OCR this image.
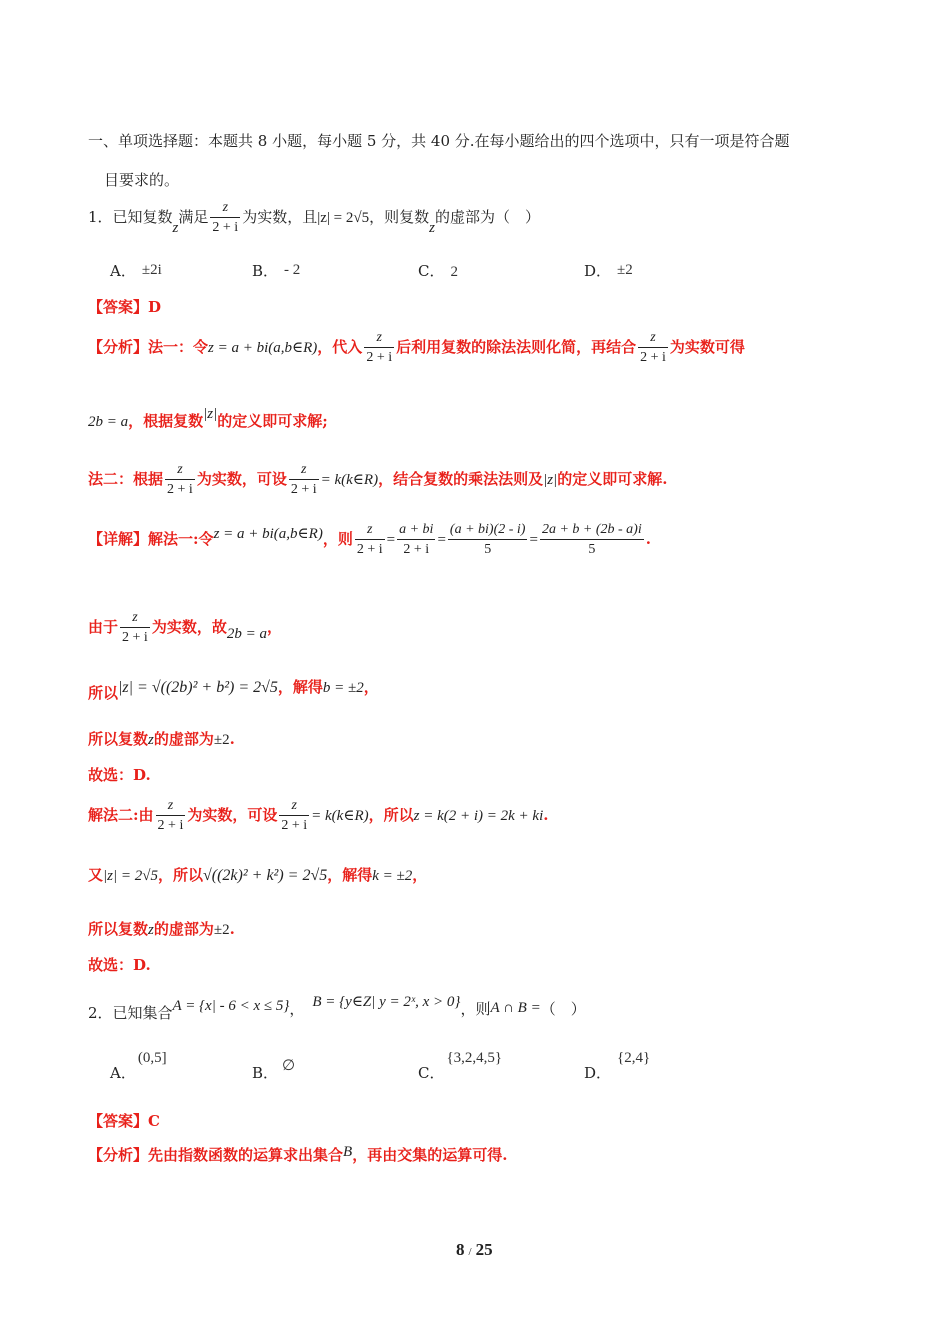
一、单项选择题：本题共 8 小题，每小题 5 分，共 40 分.在每小题给出的四个选项中，只有一项是符合题
目要求的。
1．已知复数z满足 $\frac{z}{2 + i}$ 为实数，且|z| = 2√5，则复数z的虚部为（　）
A． ±2i	B． - 2	C． 2	D． ±2
【答案】D
【分析】法一：令z = a + bi(a,b∈R)，代入 $\frac{z}{2 + i}$ 后利用复数的除法法则化简，再结合 $\frac{z}{2 + i}$ 为实数可得
2b = a，根据复数|z|的定义即可求解;
法二：根据 $\frac{z}{2 + i}$ 为实数，可设 $\frac{z}{2 + i}$ = k(k∈R)，结合复数的乘法法则及|z|的定义即可求解.
【详解】解法一:令z = a + bi(a,b∈R)，则 $\frac{z}{2 + i} = \frac{a + bi}{2 + i} = \frac{(a + bi)(2 - i)}{5} = \frac{2a + b + (2b - a)i}{5}$ .
由于 $\frac{z}{2 + i}$ 为实数，故2b = a，
所以|z| = √((2b)² + b²) = 2√5，解得b = ±2，
所以复数z的虚部为±2.
故选：D.
解法二:由 $\frac{z}{2 + i}$ 为实数，可设 $\frac{z}{2 + i}$ = k(k∈R)，所以z = k(2 + i) = 2k + ki.
又|z| = 2√5，所以√((2k)² + k²) = 2√5，解得k = ±2，
所以复数z的虚部为±2.
故选：D.
2．已知集合A = {x| - 6 < x ≤ 5}， B = {y∈Z| y = 2ˣ, x > 0}，则A ∩ B =（　）
A．(0,5]
B． ∅	C．{3,2,4,5}
D．{2,4}
【答案】C
【分析】先由指数函数的运算求出集合B，再由交集的运算可得.
8 / 25
